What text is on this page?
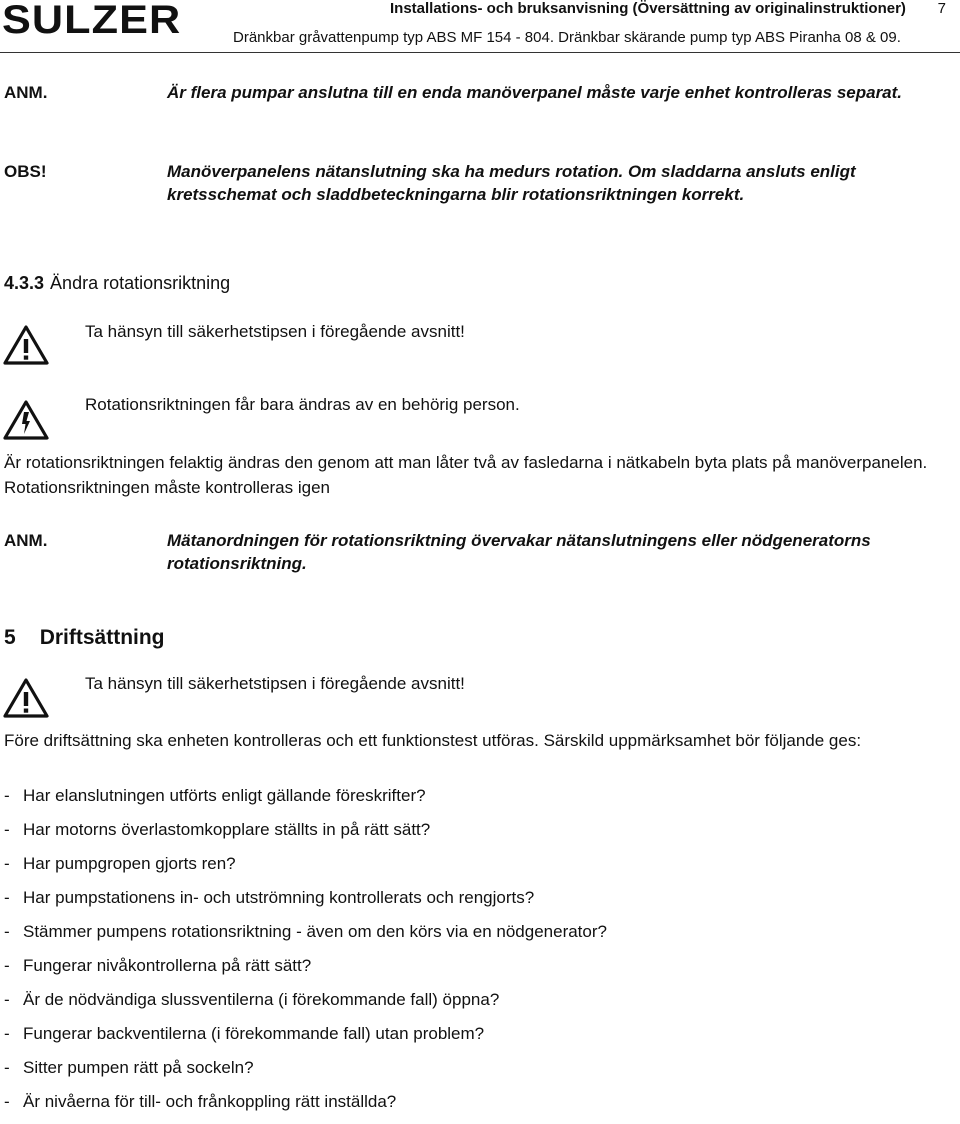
SULZER	Installations- och bruksanvisning (Översättning av originalinstruktioner) 7
Dränkbar gråvattenpump typ ABS MF 154 - 804. Dränkbar skärande pump typ ABS Piranha 08 & 09.
ANM.	Är flera pumpar anslutna till en enda manöverpanel måste varje enhet kontrolleras separat.
OBS!	Manöverpanelens nätanslutning ska ha medurs rotation. Om sladdarna ansluts enligt kretsschemat och sladdbeteckningarna blir rotationsriktningen korrekt.
4.3.3 Ändra rotationsriktning
Ta hänsyn till säkerhetstipsen i föregående avsnitt!
Rotationsriktningen får bara ändras av en behörig person.
Är rotationsriktningen felaktig ändras den genom att man låter två av fasledarna i nätkabeln byta plats på manöverpanelen. Rotationsriktningen måste kontrolleras igen
ANM.	Mätanordningen för rotationsriktning övervakar nätanslutningens eller nödgeneratorns rotationsriktning.
5 Driftsättning
Ta hänsyn till säkerhetstipsen i föregående avsnitt!
Före driftsättning ska enheten kontrolleras och ett funktionstest utföras. Särskild uppmärksamhet bör följande ges:
- Har elanslutningen utförts enligt gällande föreskrifter?
- Har motorns överlastomkopplare ställts in på rätt sätt?
- Har pumpgropen gjorts ren?
- Har pumpstationens in- och utströmning kontrollerats och rengjorts?
- Stämmer pumpens rotationsriktning - även om den körs via en nödgenerator?
- Fungerar nivåkontrollerna på rätt sätt?
- Är de nödvändiga slussventilerna (i förekommande fall) öppna?
- Fungerar backventilerna (i förekommande fall) utan problem?
- Sitter pumpen rätt på sockeln?
- Är nivåerna för till- och frånkoppling rätt inställda?
